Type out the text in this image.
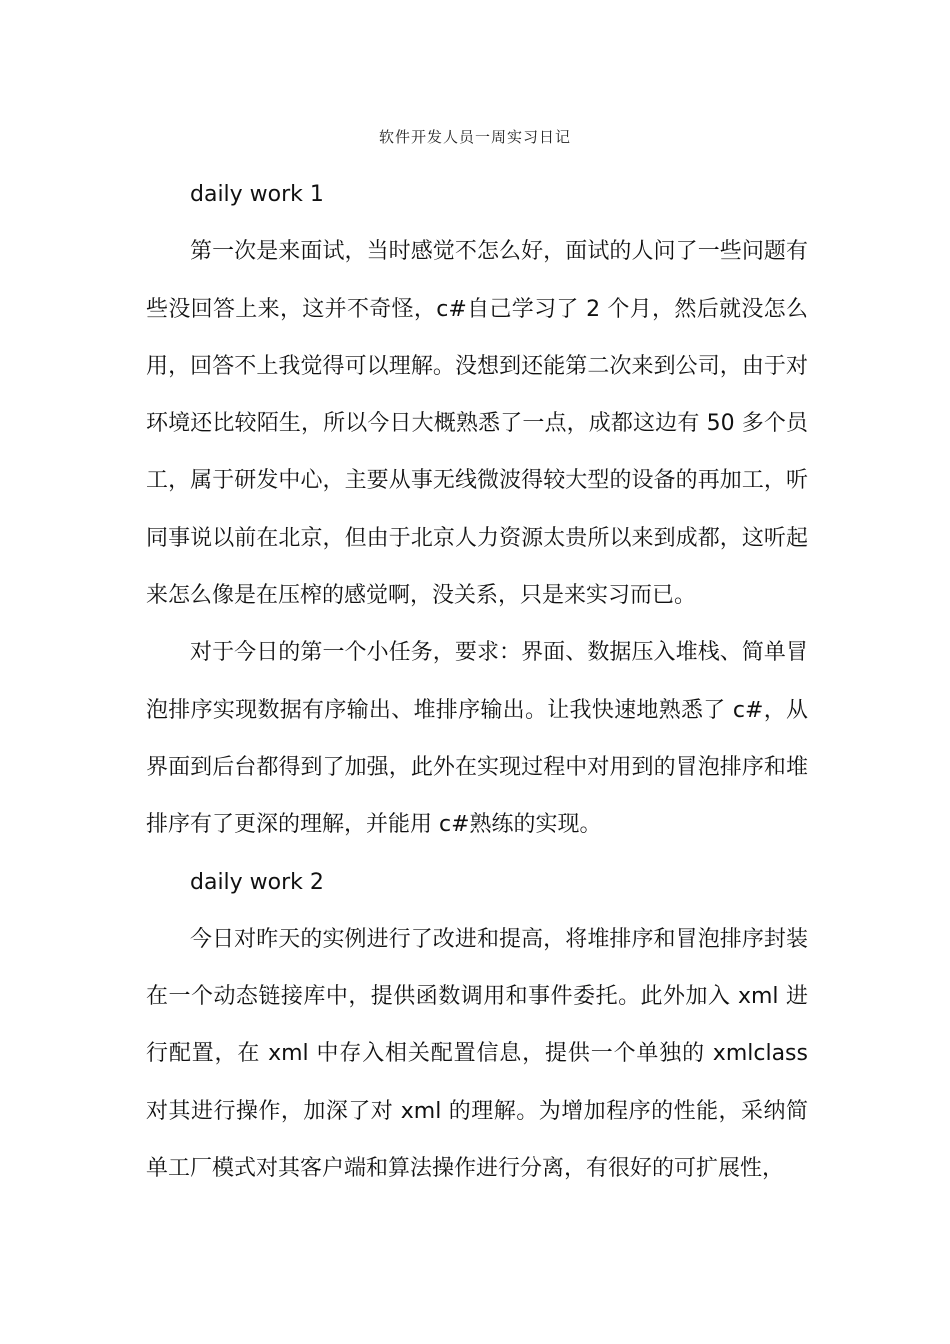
软件开发人员一周实习日记

daily work 1

第一次是来面试，当时感觉不怎么好，面试的人问了一些问题有些没回答上来，这并不奇怪，c#自己学习了 2 个月，然后就没怎么用，回答不上我觉得可以理解。没想到还能第二次来到公司，由于对环境还比较陌生，所以今日大概熟悉了一点，成都这边有 50 多个员工，属于研发中心，主要从事无线微波得较大型的设备的再加工，听同事说以前在北京，但由于北京人力资源太贵所以来到成都，这听起来怎么像是在压榨的感觉啊，没关系，只是来实习而已。

对于今日的第一个小任务，要求：界面、数据压入堆栈、简单冒泡排序实现数据有序输出、堆排序输出。让我快速地熟悉了 c#，从界面到后台都得到了加强，此外在实现过程中对用到的冒泡排序和堆排序有了更深的理解，并能用 c#熟练的实现。

daily work 2

今日对昨天的实例进行了改进和提高，将堆排序和冒泡排序封装在一个动态链接库中，提供函数调用和事件委托。此外加入 xml 进行配置，在 xml 中存入相关配置信息，提供一个单独的 xmlclass 对其进行操作，加深了对 xml 的理解。为增加程序的性能，采纳简单工厂模式对其客户端和算法操作进行分离，有很好的可扩展性，
